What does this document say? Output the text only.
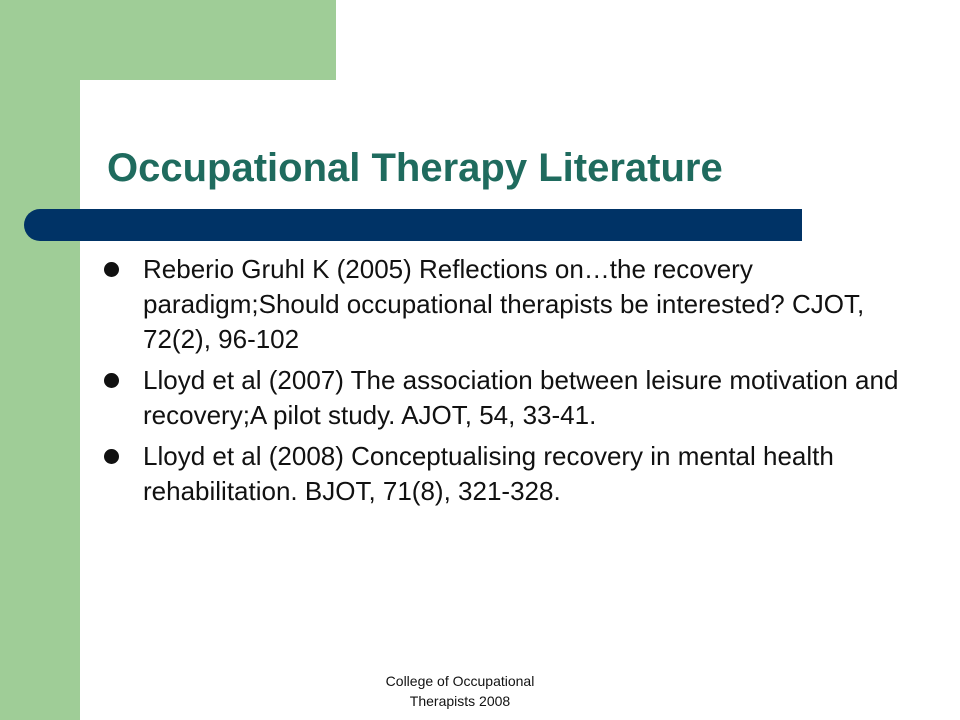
Occupational Therapy Literature
Reberio Gruhl K (2005) Reflections on…the recovery paradigm;Should occupational therapists be interested? CJOT, 72(2), 96-102
Lloyd et al (2007) The association between leisure motivation and recovery;A pilot study. AJOT, 54, 33-41.
Lloyd et al (2008) Conceptualising recovery in mental health rehabilitation. BJOT, 71(8), 321-328.
College of Occupational
Therapists 2008
